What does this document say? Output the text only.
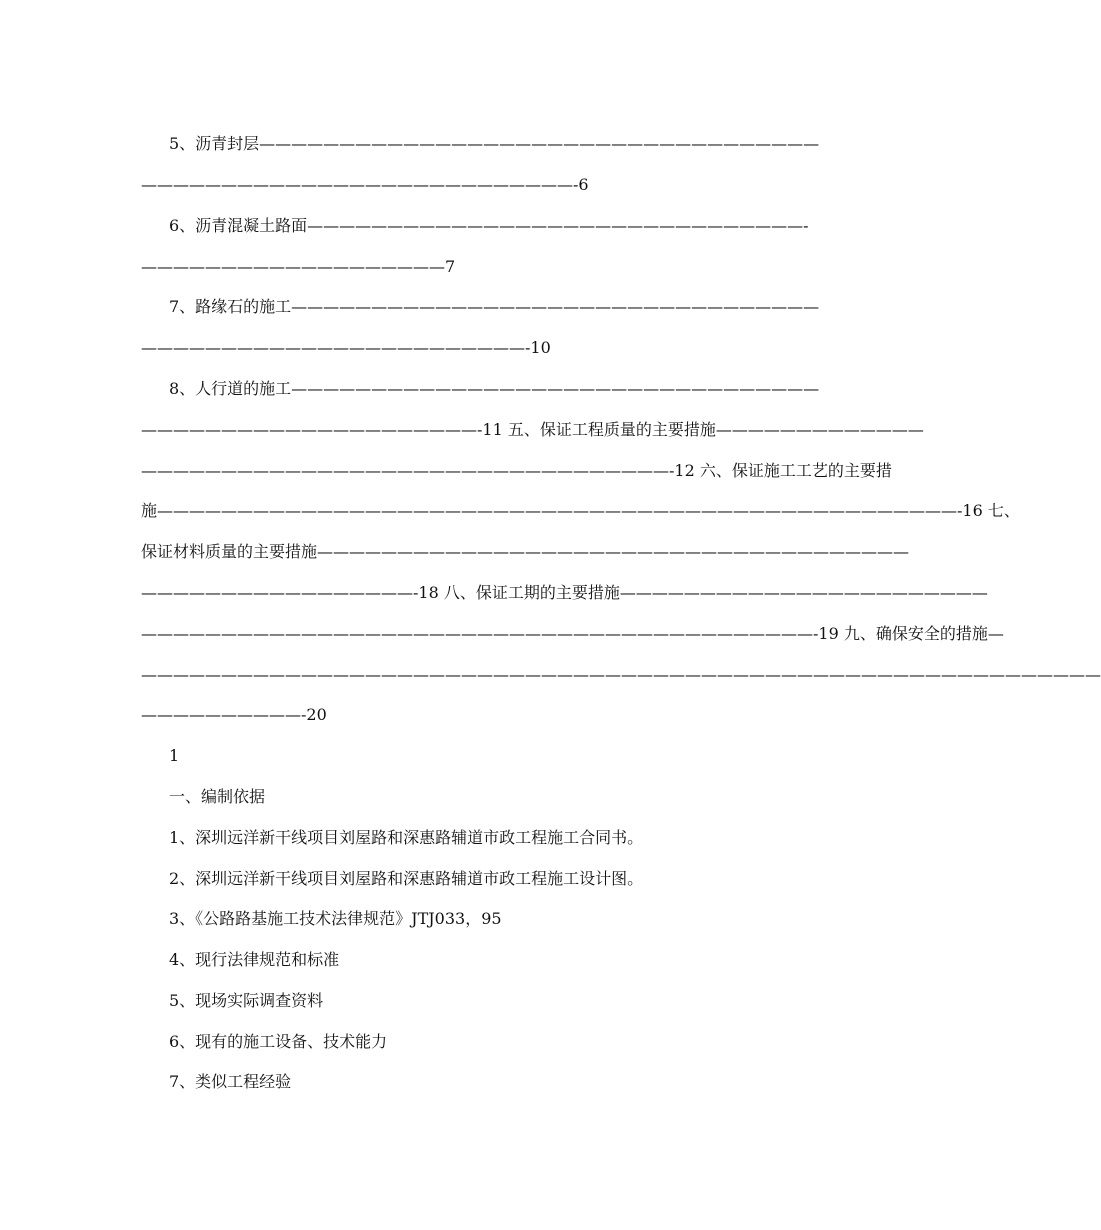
5、沥青封层———————————————————————————————————
———————————————————————————-6
6、沥青混凝土路面———————————————————————————————-
———————————————————7
7、路缘石的施工—————————————————————————————————
————————————————————————-10
8、人行道的施工—————————————————————————————————
—————————————————————-11 五、保证工程质量的主要措施—————————————
—————————————————————————————————-12 六、保证施工工艺的主要措
施——————————————————————————————————————————————————-16 七、
保证材料质量的主要措施—————————————————————————————————————
—————————————————-18 八、保证工期的主要措施———————————————————————
——————————————————————————————————————————-19 九、确保安全的措施—
————————————————————————————————————————————————————————————
——————————-20
1
一、编制依据
1、深圳远洋新干线项目刘屋路和深惠路辅道市政工程施工合同书。
2、深圳远洋新干线项目刘屋路和深惠路辅道市政工程施工设计图。
3、《公路路基施工技术法律规范》JTJ033，95
4、现行法律规范和标准
5、现场实际调查资料
6、现有的施工设备、技术能力
7、类似工程经验
